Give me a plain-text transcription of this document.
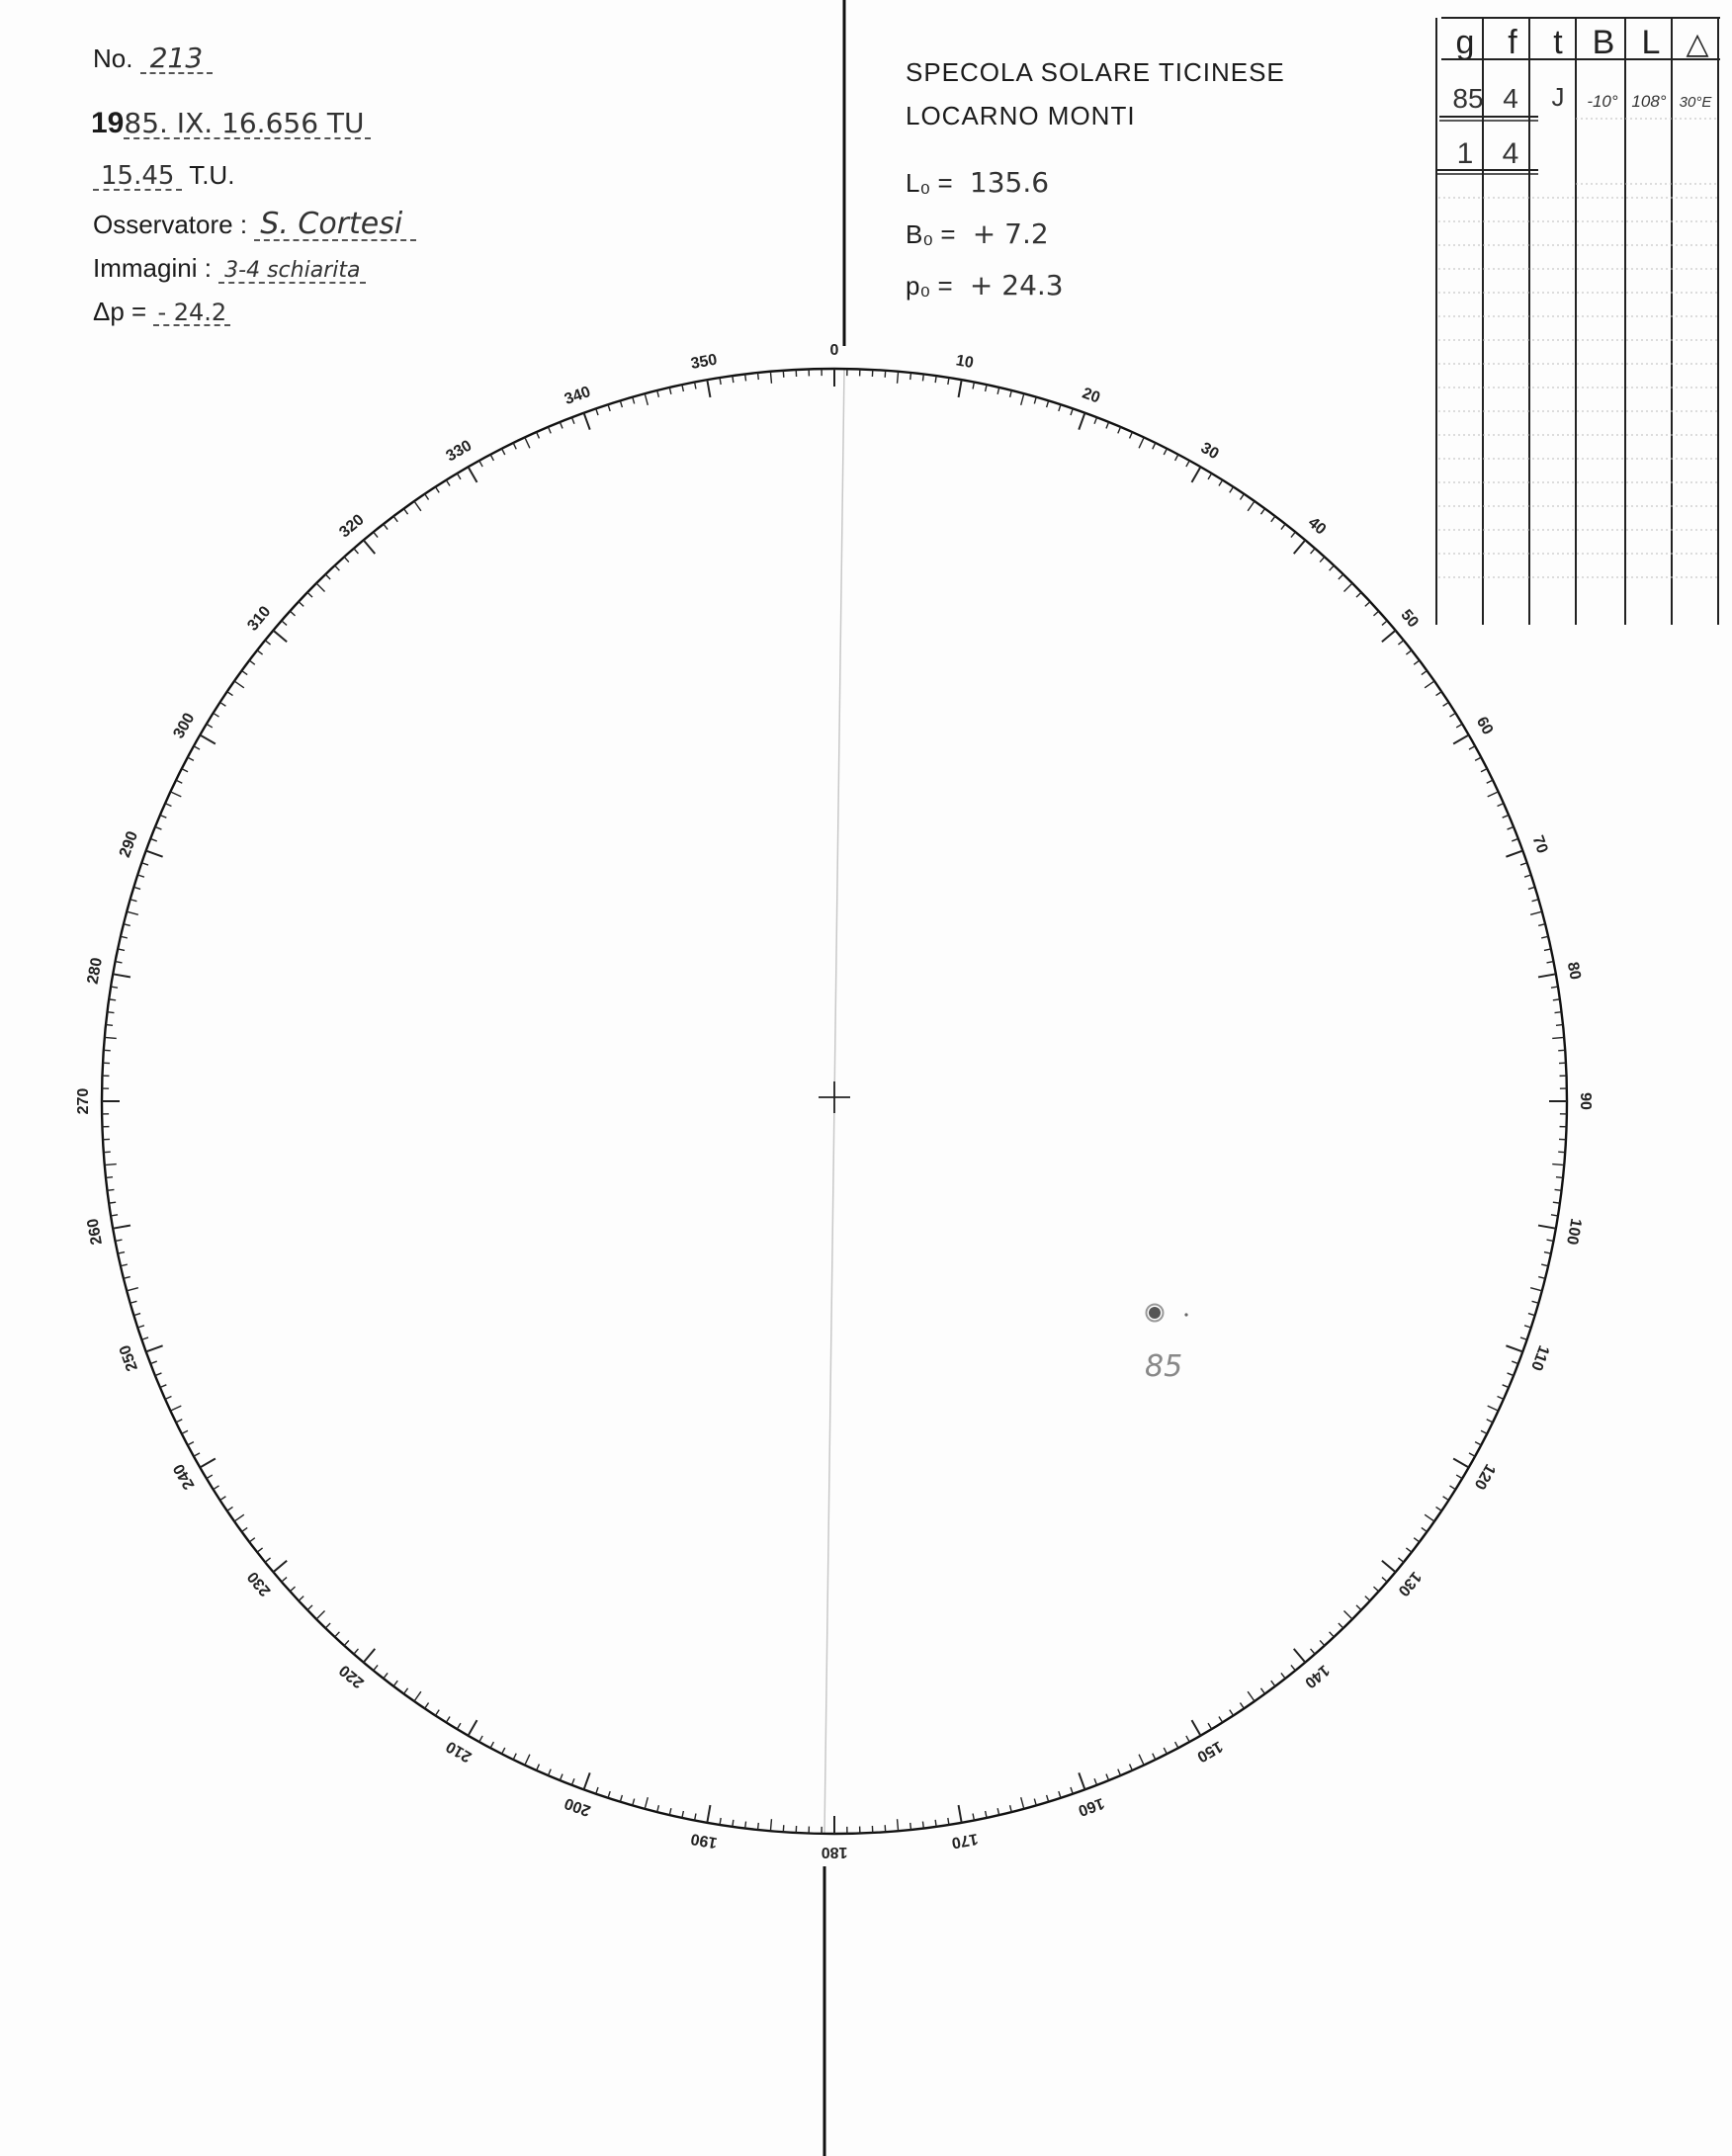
No. 213
1985. IX. 16.656 TU
15.45 T.U.
Osservatore : S. Cortesi
Immagini : 3-4 schiarita
Δp = - 24.2
SPECOLA SOLARE TICINESE
LOCARNO MONTI
L₀ = 135.6
B₀ = + 7.2
p₀ = + 24.3
0
10
20
30
40
50
60
70
80
90
100
110
120
130
140
150
160
170
180
190
200
210
220
230
240
250
260
270
280
290
300
310
320
330
340
350
85
g f t B L △
85 4 J -10° 108° 30°E
1 4
